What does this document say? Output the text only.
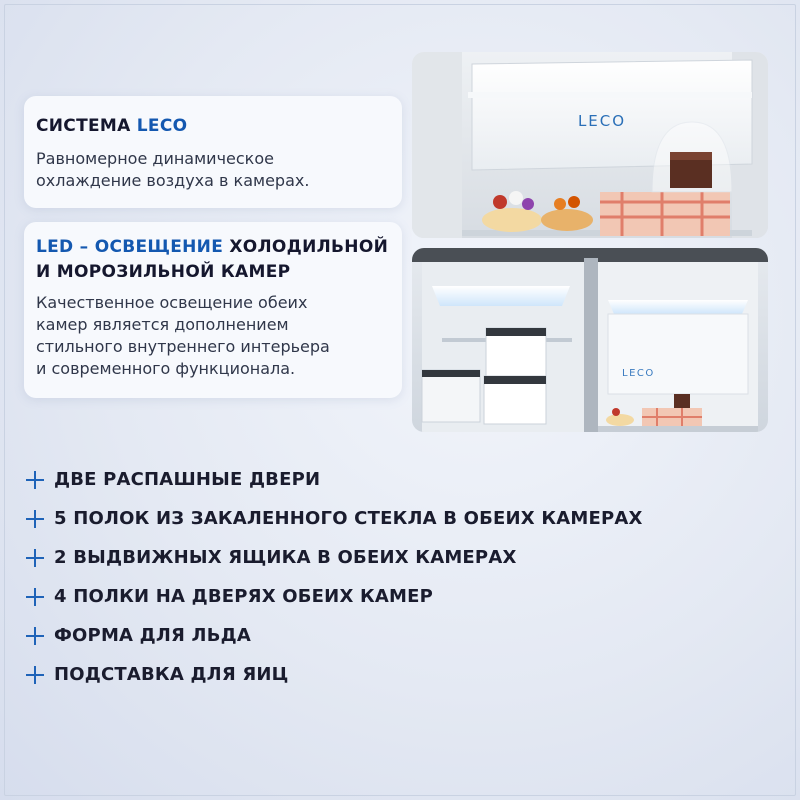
СИСТЕМА LECO

Равномерное динамическое
охлаждение воздуха в камерах.

LED – ОСВЕЩЕНИЕ ХОЛОДИЛЬНОЙ
И МОРОЗИЛЬНОЙ КАМЕР

Качественное освещение обеих
камер является дополнением
стильного внутреннего интерьера
и современного функционала.

LECO
LECO
ДВЕ РАСПАШНЫЕ ДВЕРИ
5 ПОЛОК ИЗ ЗАКАЛЕННОГО СТЕКЛА В ОБЕИХ КАМЕРАХ
2 ВЫДВИЖНЫХ ЯЩИКА В ОБЕИХ КАМЕРАХ
4 ПОЛКИ НА ДВЕРЯХ ОБЕИХ КАМЕР
ФОРМА ДЛЯ ЛЬДА
ПОДСТАВКА ДЛЯ ЯИЦ
